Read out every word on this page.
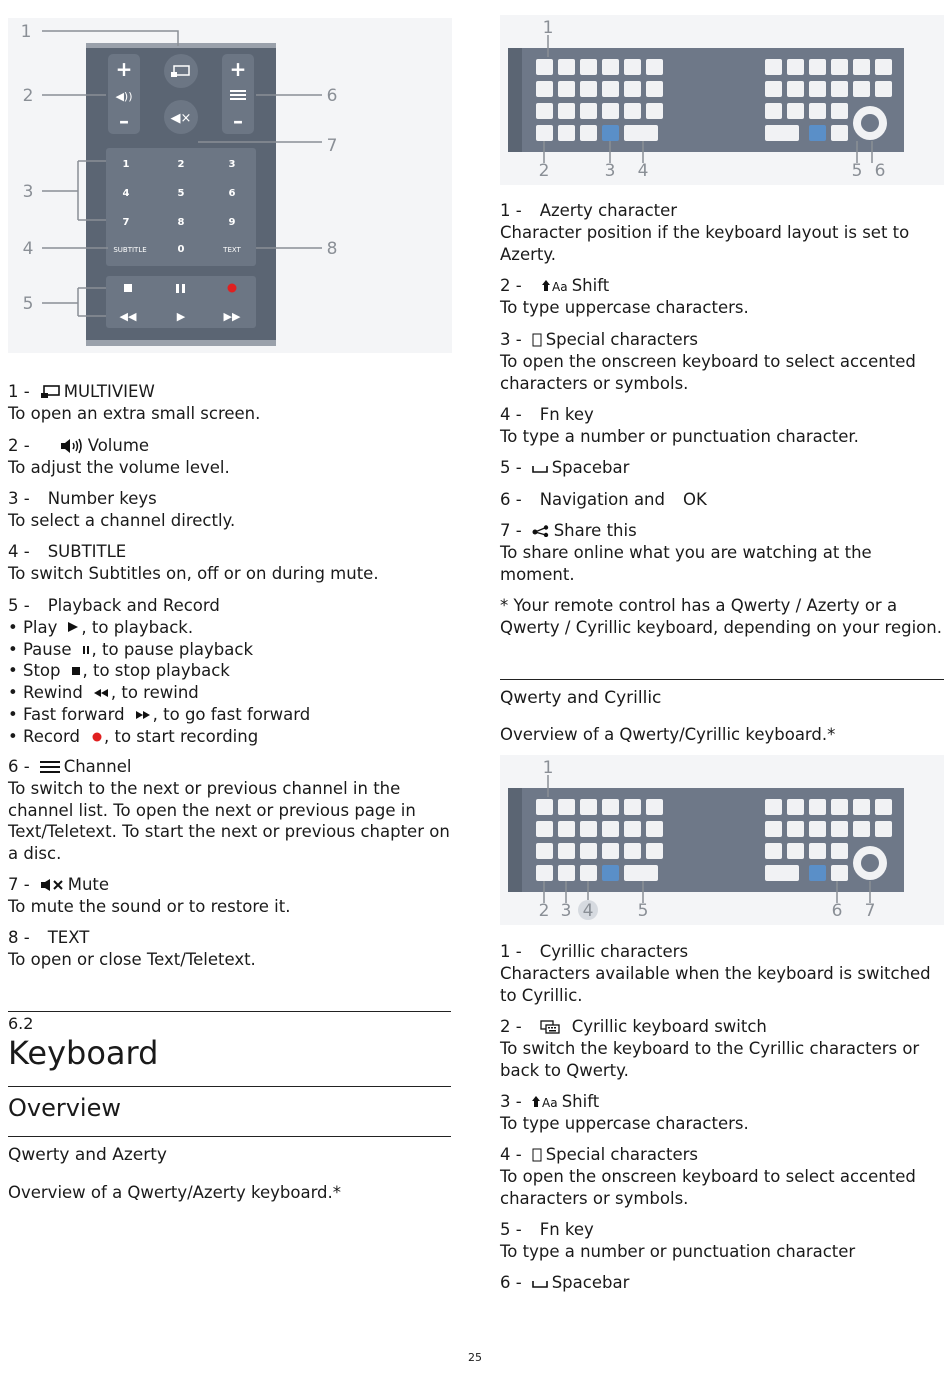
+
◀))
–	◀×
+
–
1	2	3
4	5	6
7	8	9
SUBTITLE	0	TEXT
◀◀	▶	▶▶
1
2
3
4
5
6
7
8
1 - MULTIVIEW

To open an extra small screen.

2 -	Volume

To adjust the volume level.

3 - Number keys

To select a channel directly.

4 - SUBTITLE

To switch Subtitles on, off or on during mute.

5 - Playback and Record

• Play , to playback.

• Pause , to pause playback

• Stop , to stop playback

• Rewind , to rewind

• Fast forward , to go fast forward

• Record , to start recording

6 - Channel

To switch to the next or previous channel in the channel list. To open the next or previous page in Text/Teletext. To start the next or previous chapter on a disc.

7 - Mute

To mute the sound or to restore it.

8 - TEXT

To open or close Text/Teletext.

6.2
Keyboard
Overview
Qwerty and Azerty
Overview of a Qwerty/Azerty keyboard.*
1
2	3 4	5 6
1 - Azerty character

Character position if the keyboard layout is set to Azerty.

2 -	Aa Shift

To type uppercase characters.

3 - Special characters

To open the onscreen keyboard to select accented characters or symbols.

4 - Fn key

To type a number or punctuation character.

5 - Spacebar
6 - Navigation and OK
7 - Share this

To share online what you are watching at the moment.

* Your remote control has a Qwerty / Azerty or a Qwerty / Cyrillic keyboard, depending on your region.
Qwerty and Cyrillic
Overview of a Qwerty/Cyrillic keyboard.*
1
2 3 4	5	6 7
1 - Cyrillic characters

Characters available when the keyboard is switched to Cyrillic.

2 -	Cyrillic keyboard switch

To switch the keyboard to the Cyrillic characters or back to Qwerty.

3 - Aa Shift

To type uppercase characters.

4 - Special characters

To open the onscreen keyboard to select accented characters or symbols.

5 - Fn key

To type a number or punctuation character

6 - Spacebar
25
